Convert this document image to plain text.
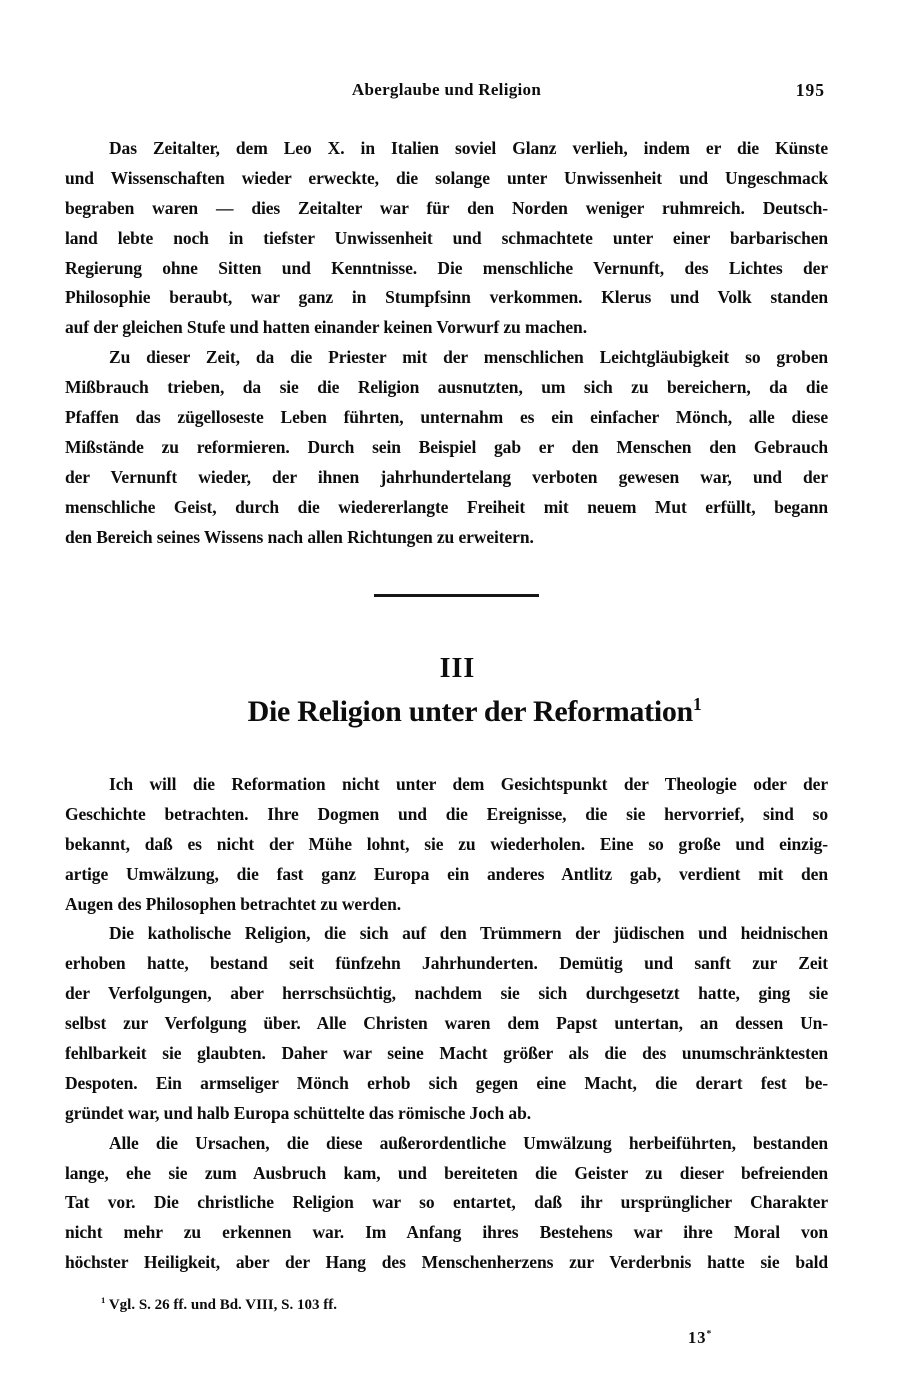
Aberglaube und Religion	195
Das Zeitalter, dem Leo X. in Italien soviel Glanz verlieh, indem er die Künste
und Wissenschaften wieder erweckte, die solange unter Unwissenheit und Ungeschmack
begraben waren — dies Zeitalter war für den Norden weniger ruhmreich. Deutsch-
land lebte noch in tiefster Unwissenheit und schmachtete unter einer barbarischen
Regierung ohne Sitten und Kenntnisse. Die menschliche Vernunft, des Lichtes der
Philosophie beraubt, war ganz in Stumpfsinn verkommen. Klerus und Volk standen
auf der gleichen Stufe und hatten einander keinen Vorwurf zu machen.
Zu dieser Zeit, da die Priester mit der menschlichen Leichtgläubigkeit so groben
Mißbrauch trieben, da sie die Religion ausnutzten, um sich zu bereichern, da die
Pfaffen das zügelloseste Leben führten, unternahm es ein einfacher Mönch, alle diese
Mißstände zu reformieren. Durch sein Beispiel gab er den Menschen den Gebrauch
der Vernunft wieder, der ihnen jahrhundertelang verboten gewesen war, und der
menschliche Geist, durch die wiedererlangte Freiheit mit neuem Mut erfüllt, begann
den Bereich seines Wissens nach allen Richtungen zu erweitern.
III
Die Religion unter der Reformation$^1$
Ich will die Reformation nicht unter dem Gesichtspunkt der Theologie oder der
Geschichte betrachten. Ihre Dogmen und die Ereignisse, die sie hervorrief, sind so
bekannt, daß es nicht der Mühe lohnt, sie zu wiederholen. Eine so große und einzig-
artige Umwälzung, die fast ganz Europa ein anderes Antlitz gab, verdient mit den
Augen des Philosophen betrachtet zu werden.
Die katholische Religion, die sich auf den Trümmern der jüdischen und heidnischen
erhoben hatte, bestand seit fünfzehn Jahrhunderten. Demütig und sanft zur Zeit
der Verfolgungen, aber herrschsüchtig, nachdem sie sich durchgesetzt hatte, ging sie
selbst zur Verfolgung über. Alle Christen waren dem Papst untertan, an dessen Un-
fehlbarkeit sie glaubten. Daher war seine Macht größer als die des unumschränktesten
Despoten. Ein armseliger Mönch erhob sich gegen eine Macht, die derart fest be-
gründet war, und halb Europa schüttelte das römische Joch ab.
Alle die Ursachen, die diese außerordentliche Umwälzung herbeiführten, bestanden
lange, ehe sie zum Ausbruch kam, und bereiteten die Geister zu dieser befreienden
Tat vor. Die christliche Religion war so entartet, daß ihr ursprünglicher Charakter
nicht mehr zu erkennen war. Im Anfang ihres Bestehens war ihre Moral von
höchster Heiligkeit, aber der Hang des Menschenherzens zur Verderbnis hatte sie bald
$^1$ Vgl. S. 26 ff. und Bd. VIII, S. 103 ff.
13*
